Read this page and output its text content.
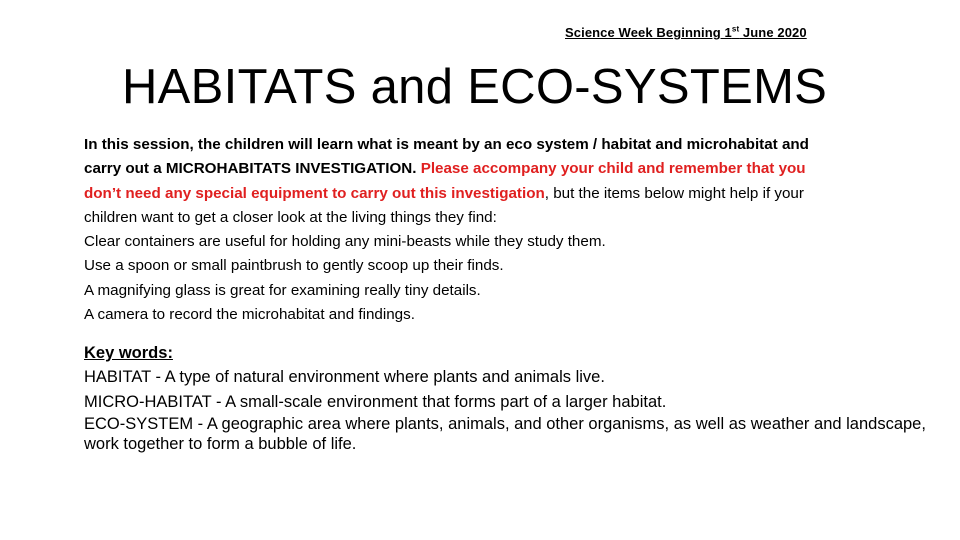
Science Week Beginning 1st June 2020
HABITATS and ECO-SYSTEMS
In this session, the children will learn what is meant by an eco system / habitat and microhabitat and
carry out a MICROHABITATS INVESTIGATION. Please accompany your child and remember that you
don’t need any special equipment to carry out this investigation, but the items below might help if your
children want to get a closer look at the living things they find:
Clear containers are useful for holding any mini-beasts while they study them.
Use a spoon or small paintbrush to gently scoop up their finds.
A magnifying glass is great for examining really tiny details.
A camera to record the microhabitat and findings.
Key words:
HABITAT - A type of natural environment where plants and animals live.
MICRO-HABITAT - A small-scale environment that forms part of a larger habitat.
ECO-SYSTEM - A geographic area where plants, animals, and other organisms, as well as weather and landscape, work together to form a bubble of life.
